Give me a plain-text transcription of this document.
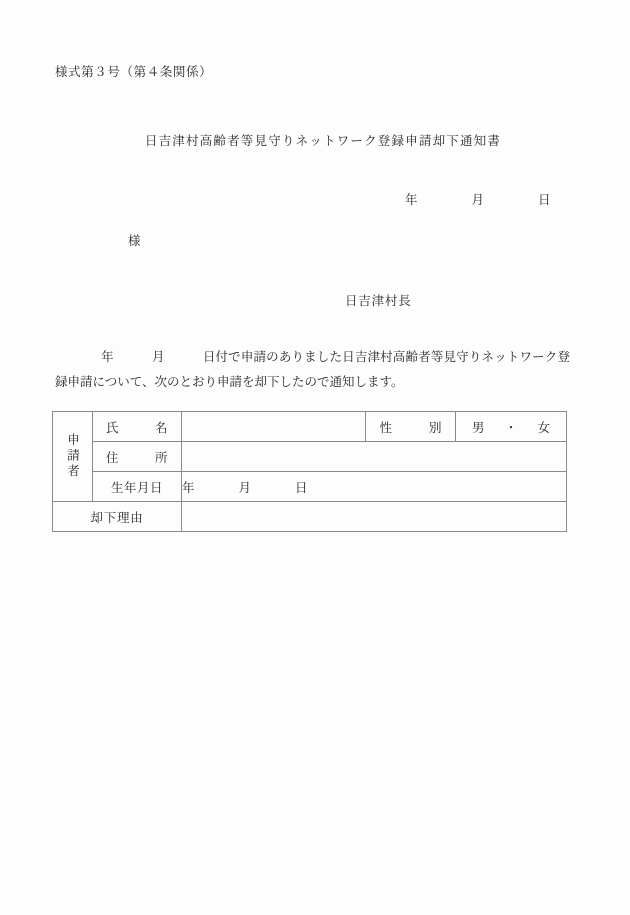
様式第３号（第４条関係）
日吉津村高齢者等見守りネットワーク登録申請却下通知書
年	月	日
様
日吉津村長
年	月	日付で申請のありました日吉津村高齢者等見守りネットワーク登録申請について、次のとおり申請を却下したので通知します。
申請者	氏 名		性 別	男 ・ 女

	住 所			

	生年月日	年 月 日		
却下理由				
